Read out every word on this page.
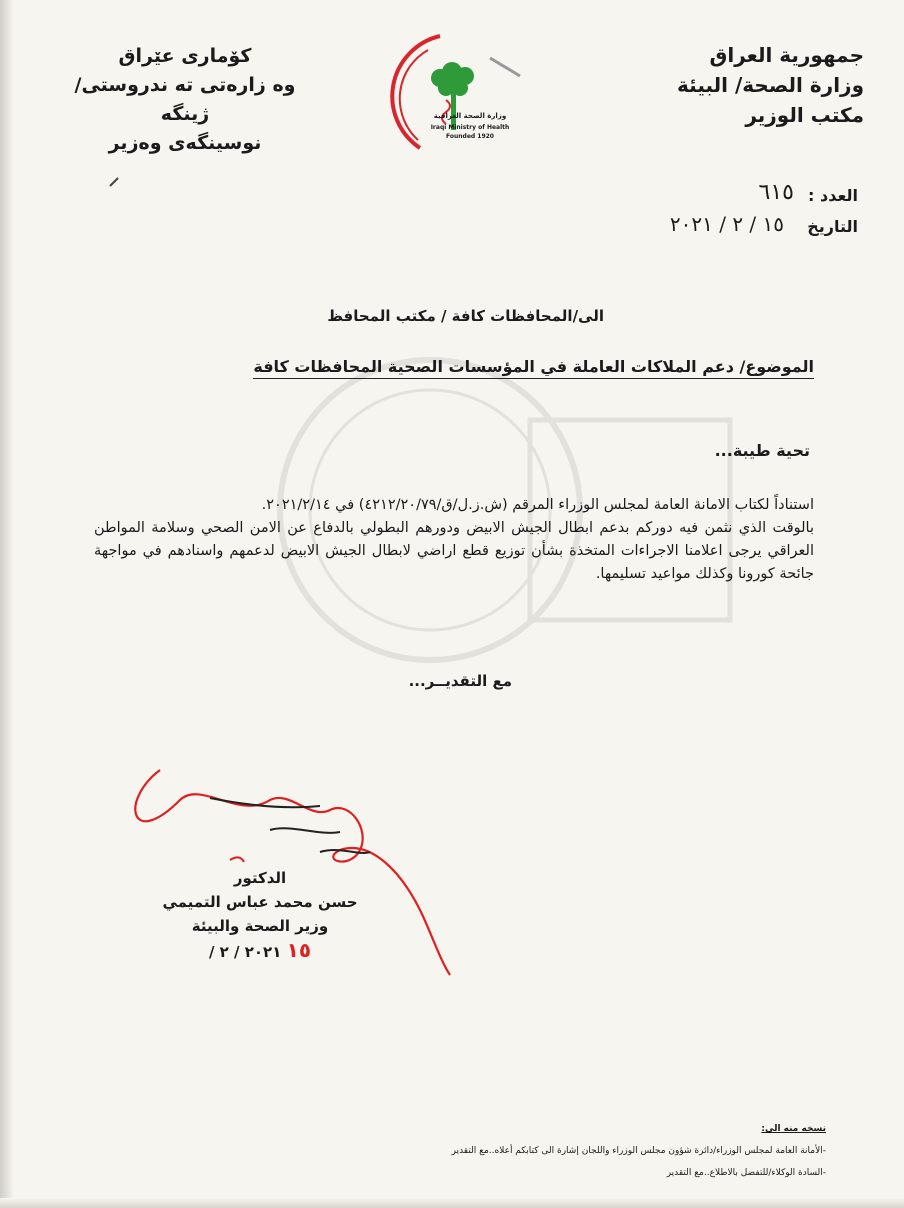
جمهورية العراق
وزارة الصحة/ البيئة
مكتب الوزير
كۆمارى عێراق
وه زارەتى تە ندروستى/ ژینگه
نوسینگەی وەزیر
وزارة الصحة العراقية
Iraqi Ministry of Health
Founded 1920
العدد :
٦١٥
التاريخ
١٥ / ٢ / ٢٠٢١
الى/المحافظات كافة / مكتب المحافظ
الموضوع/ دعم الملاكات العاملة في المؤسسات الصحية المحافظات كافة
تحية طيبة...
استناداً لكتاب الامانة العامة لمجلس الوزراء المرقم (ش.ز.ل/ق/٤٢١٢/٢٠/٧٩) في ٢٠٢١/٢/١٤.
بالوقت الذي نثمن فيه دوركم بدعم ابطال الجيش الابيض ودورهم البطولي بالدفاع عن الامن الصحي وسلامة المواطن العراقي يرجى اعلامنا الاجراءات المتخذة بشأن توزيع قطع اراضي لابطال الجيش الابيض لدعمهم واسنادهم في مواجهة جائحة كورونا وكذلك مواعيد تسليمها.
مع التقديــر...
الدكتور
حسن محمد عباس التميمي
وزير الصحة والبيئة
١٥ ٢٠٢١ / ٢ /
نسخه منه الى:
-الأمانة العامة لمجلس الوزراء/دائرة شؤون مجلس الوزراء واللجان إشارة الى كتابكم أعلاه..مع التقدير
-السادة الوكلاء/للتفضل بالاطلاع..مع التقدير
